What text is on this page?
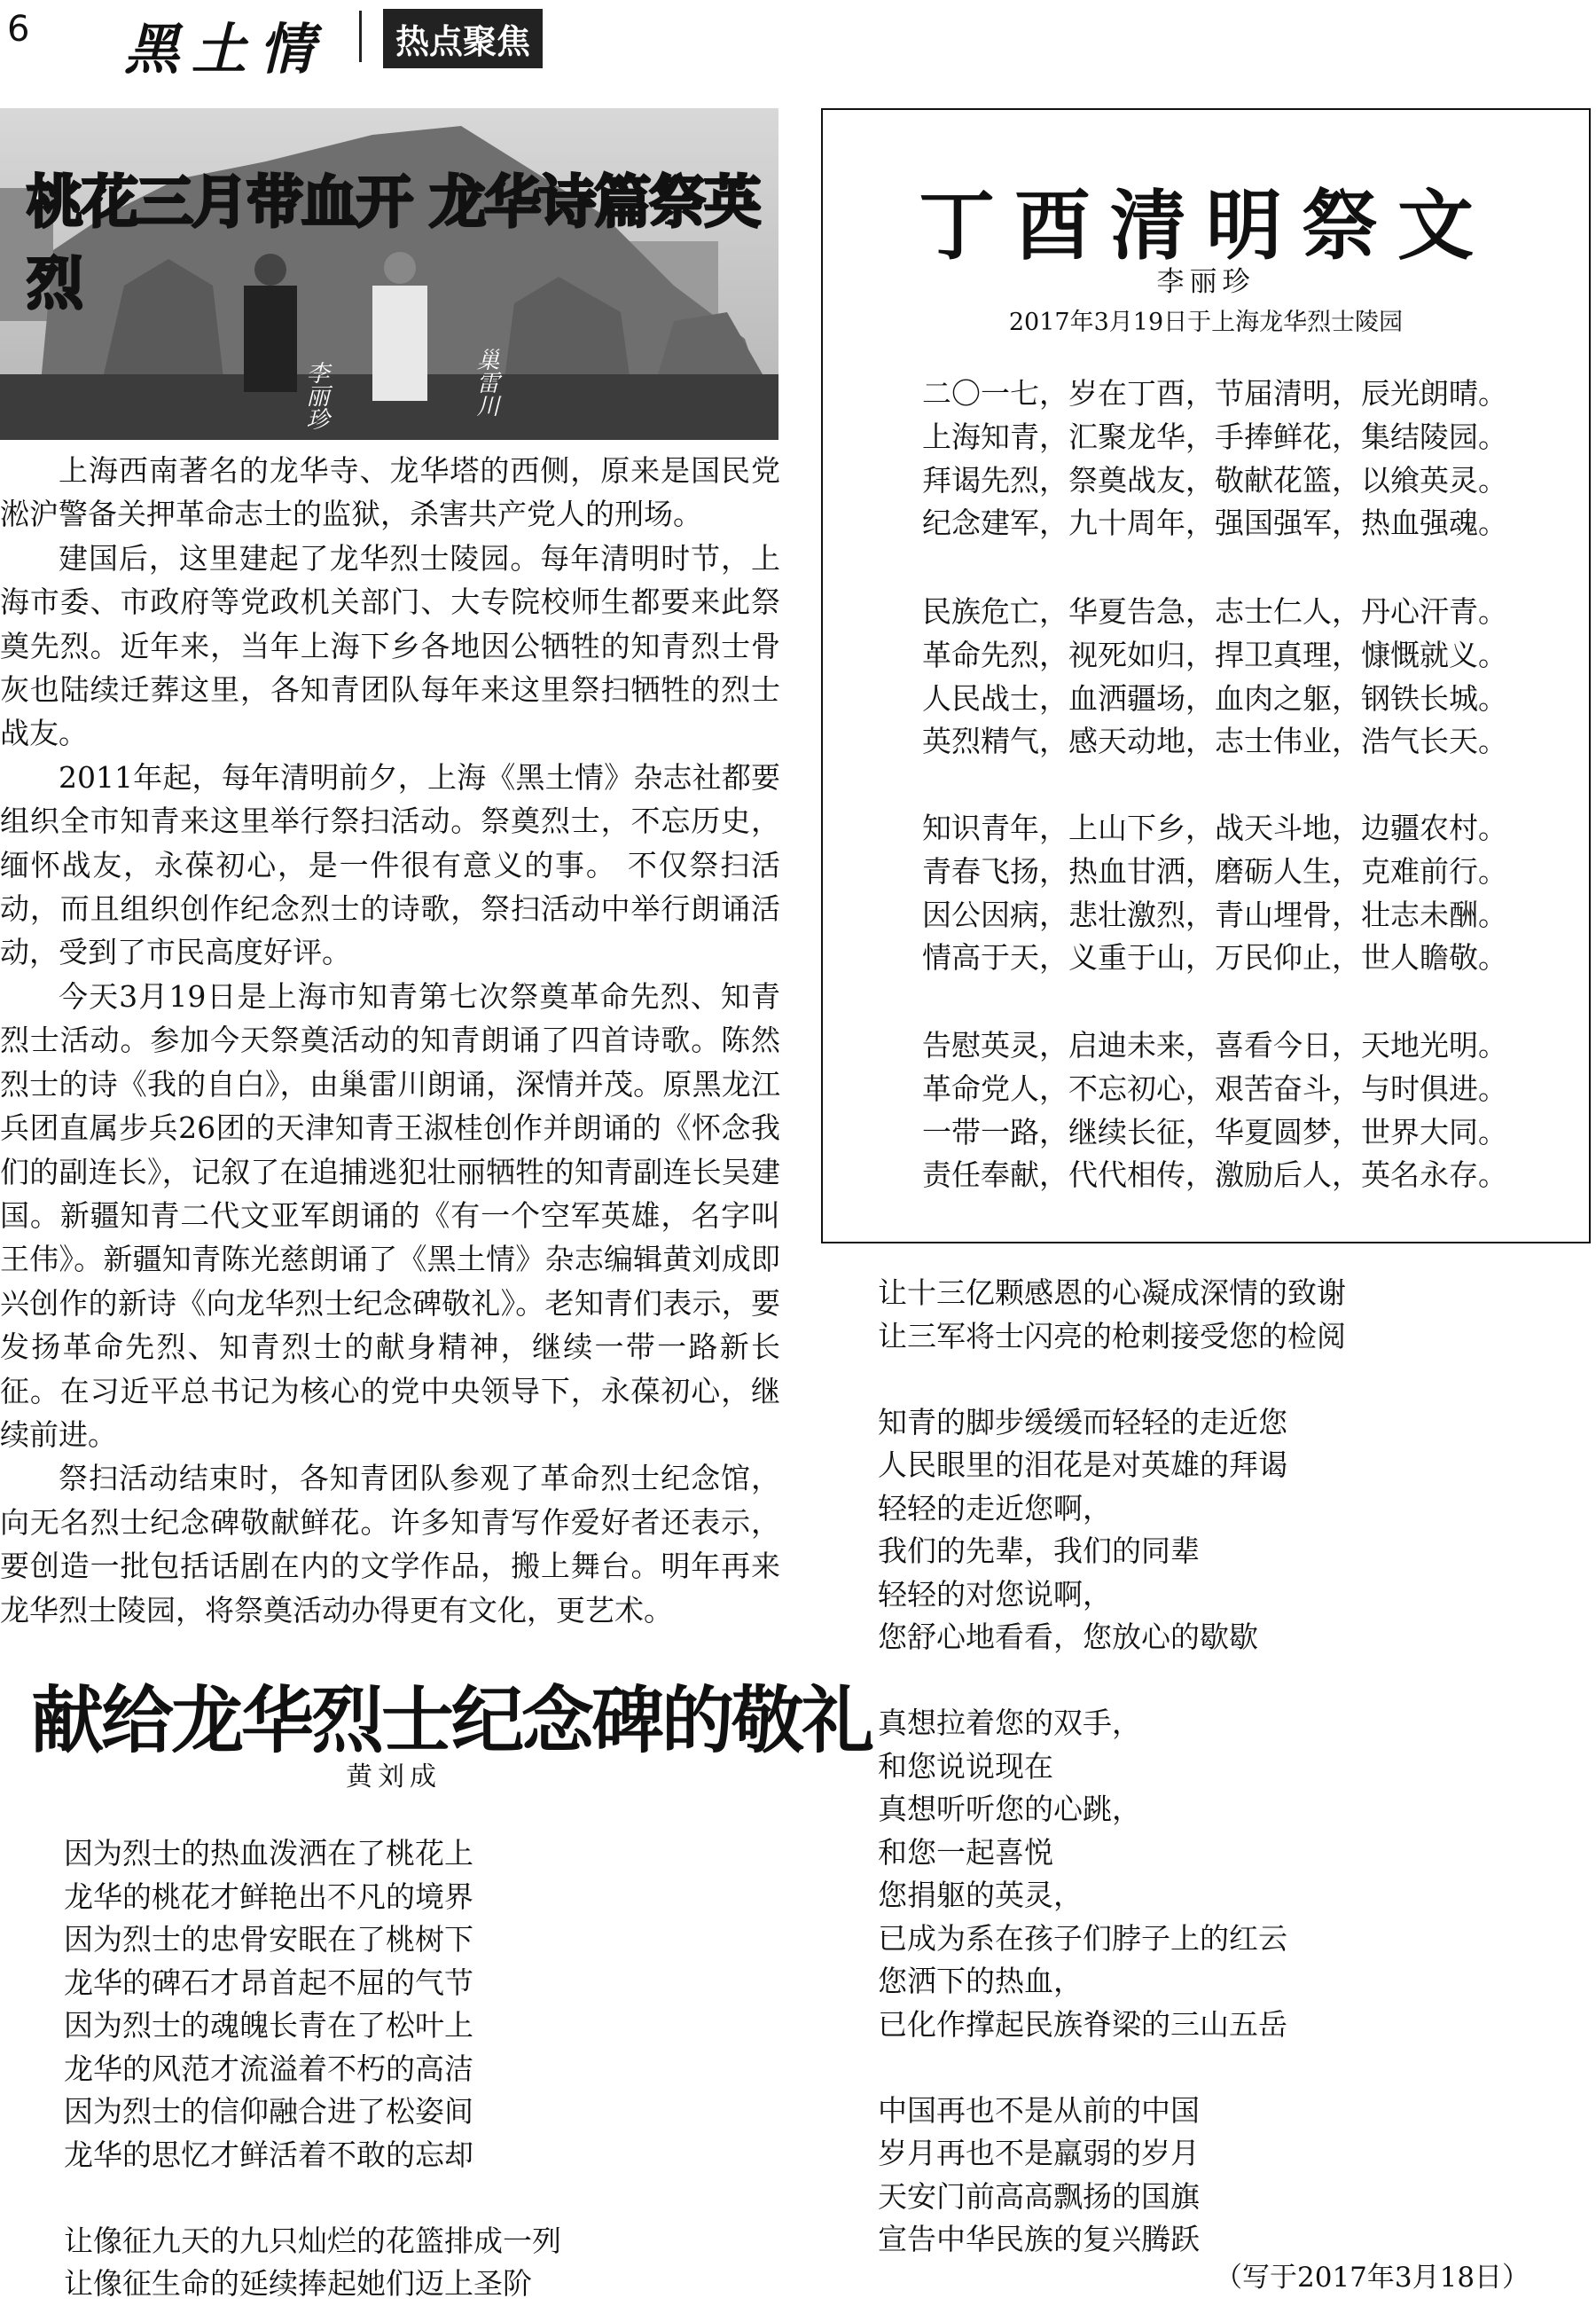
6 黑土情	热点聚焦
桃花三月带血开 龙华诗篇祭英烈
李丽珍	巢雷川

上海西南著名的龙华寺、龙华塔的西侧，原来是国民党淞沪警备关押革命志士的监狱，杀害共产党人的刑场。

建国后，这里建起了龙华烈士陵园。每年清明时节，上海市委、市政府等党政机关部门、大专院校师生都要来此祭奠先烈。近年来，当年上海下乡各地因公牺牲的知青烈士骨灰也陆续迁葬这里，各知青团队每年来这里祭扫牺牲的烈士战友。

2011年起，每年清明前夕，上海《黑土情》杂志社都要组织全市知青来这里举行祭扫活动。祭奠烈士，不忘历史，缅怀战友，永葆初心，是一件很有意义的事。 不仅祭扫活动，而且组织创作纪念烈士的诗歌，祭扫活动中举行朗诵活动，受到了市民高度好评。

今天3月19日是上海市知青第七次祭奠革命先烈、知青烈士活动。参加今天祭奠活动的知青朗诵了四首诗歌。陈然烈士的诗《我的自白》，由巢雷川朗诵，深情并茂。原黑龙江兵团直属步兵26团的天津知青王淑桂创作并朗诵的《怀念我们的副连长》，记叙了在追捕逃犯壮丽牺牲的知青副连长吴建国。新疆知青二代文亚军朗诵的《有一个空军英雄，名字叫王伟》。新疆知青陈光慈朗诵了《黑土情》杂志编辑黄刘成即兴创作的新诗《向龙华烈士纪念碑敬礼》。老知青们表示，要发扬革命先烈、知青烈士的献身精神，继续一带一路新长征。在习近平总书记为核心的党中央领导下，永葆初心，继续前进。

祭扫活动结束时，各知青团队参观了革命烈士纪念馆，向无名烈士纪念碑敬献鲜花。许多知青写作爱好者还表示，要创造一批包括话剧在内的文学作品，搬上舞台。明年再来龙华烈士陵园，将祭奠活动办得更有文化，更艺术。

献给龙华烈士纪念碑的敬礼
黄刘成
因为烈士的热血泼洒在了桃花上
龙华的桃花才鲜艳出不凡的境界
因为烈士的忠骨安眠在了桃树下
龙华的碑石才昂首起不屈的气节
因为烈士的魂魄长青在了松叶上
龙华的风范才流溢着不朽的高洁
因为烈士的信仰融合进了松姿间
龙华的思忆才鲜活着不敢的忘却
让像征九天的九只灿烂的花篮排成一列
让像征生命的延续捧起她们迈上圣阶
让十三亿颗感恩的心凝成深情的致谢
让三军将士闪亮的枪刺接受您的检阅
知青的脚步缓缓而轻轻的走近您
人民眼里的泪花是对英雄的拜谒
轻轻的走近您啊，
我们的先辈，我们的同辈
轻轻的对您说啊，
您舒心地看看，您放心的歇歇
真想拉着您的双手，
和您说说现在
真想听听您的心跳，
和您一起喜悦
您捐躯的英灵，
已成为系在孩子们脖子上的红云
您洒下的热血，
已化作撑起民族脊梁的三山五岳
中国再也不是从前的中国
岁月再也不是羸弱的岁月
天安门前高高飘扬的国旗
宣告中华民族的复兴腾跃
（写于2017年3月18日）
丁酉清明祭文
李丽珍
2017年3月19日于上海龙华烈士陵园
二〇一七，岁在丁酉，节届清明，辰光朗晴。
上海知青，汇聚龙华，手捧鲜花，集结陵园。
拜谒先烈，祭奠战友，敬献花篮，以飨英灵。
纪念建军，九十周年，强国强军，热血强魂。
民族危亡，华夏告急，志士仁人，丹心汗青。
革命先烈，视死如归，捍卫真理，慷慨就义。
人民战士，血洒疆场，血肉之躯，钢铁长城。
英烈精气，感天动地，志士伟业，浩气长天。
知识青年，上山下乡，战天斗地，边疆农村。
青春飞扬，热血甘洒，磨砺人生，克难前行。
因公因病，悲壮激烈，青山埋骨，壮志未酬。
情高于天，义重于山，万民仰止，世人瞻敬。
告慰英灵，启迪未来，喜看今日，天地光明。
革命党人，不忘初心，艰苦奋斗，与时俱进。
一带一路，继续长征，华夏圆梦，世界大同。
责任奉献，代代相传，激励后人，英名永存。
